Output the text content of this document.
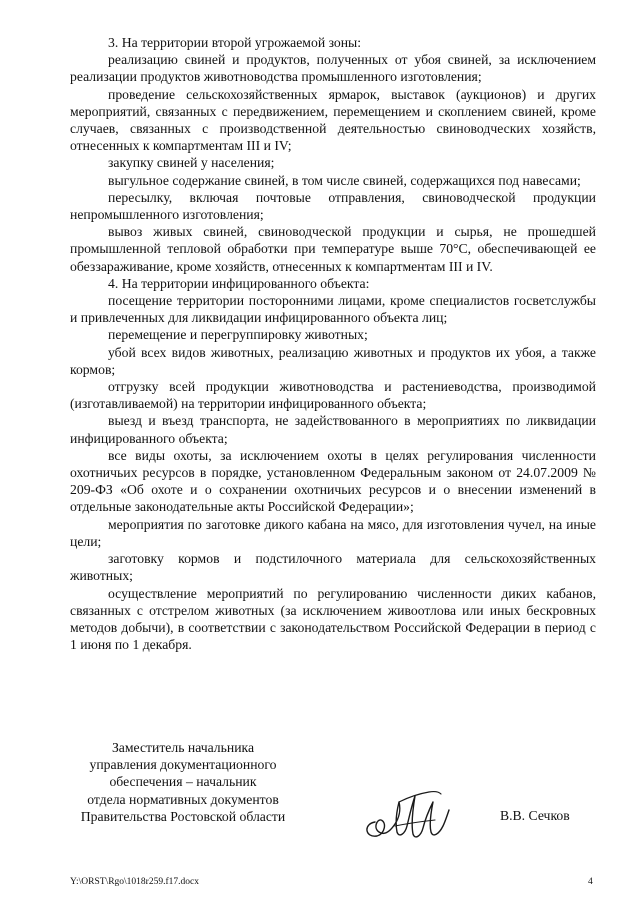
3. На территории второй угрожаемой зоны:

реализацию свиней и продуктов, полученных от убоя свиней, за исключением реализации продуктов животноводства промышленного изготовления;

проведение сельскохозяйственных ярмарок, выставок (аукционов) и других мероприятий, связанных с передвижением, перемещением и скоплением свиней, кроме случаев, связанных с производственной деятельностью свиноводческих хозяйств, отнесенных к компартментам III и IV;

закупку свиней у населения;

выгульное содержание свиней, в том числе свиней, содержащихся под навесами;

пересылку, включая почтовые отправления, свиноводческой продукции непромышленного изготовления;

вывоз живых свиней, свиноводческой продукции и сырья, не прошедшей промышленной тепловой обработки при температуре выше 70°С, обеспечивающей ее обеззараживание, кроме хозяйств, отнесенных к компартментам III и IV.

4. На территории инфицированного объекта:

посещение территории посторонними лицами, кроме специалистов госветслужбы и привлеченных для ликвидации инфицированного объекта лиц;

перемещение и перегруппировку животных;

убой всех видов животных, реализацию животных и продуктов их убоя, а также кормов;

отгрузку всей продукции животноводства и растениеводства, производимой (изготавливаемой) на территории инфицированного объекта;

выезд и въезд транспорта, не задействованного в мероприятиях по ликвидации инфицированного объекта;

все виды охоты, за исключением охоты в целях регулирования численности охотничьих ресурсов в порядке, установленном Федеральным законом от 24.07.2009 № 209-ФЗ «Об охоте и о сохранении охотничьих ресурсов и о внесении изменений в отдельные законодательные акты Российской Федерации»;

мероприятия по заготовке дикого кабана на мясо, для изготовления чучел, на иные цели;

заготовку кормов и подстилочного материала для сельскохозяйственных животных;

осуществление мероприятий по регулированию численности диких кабанов, связанных с отстрелом животных (за исключением живоотлова или иных бескровных методов добычи), в соответствии с законодательством Российской Федерации в период с 1 июня по 1 декабря.

Заместитель начальника
управления документационного
обеспечения – начальник
отдела нормативных документов
Правительства Ростовской области	В.В. Сечков
Y:\ORST\Rgo\1018r259.f17.docx	4
